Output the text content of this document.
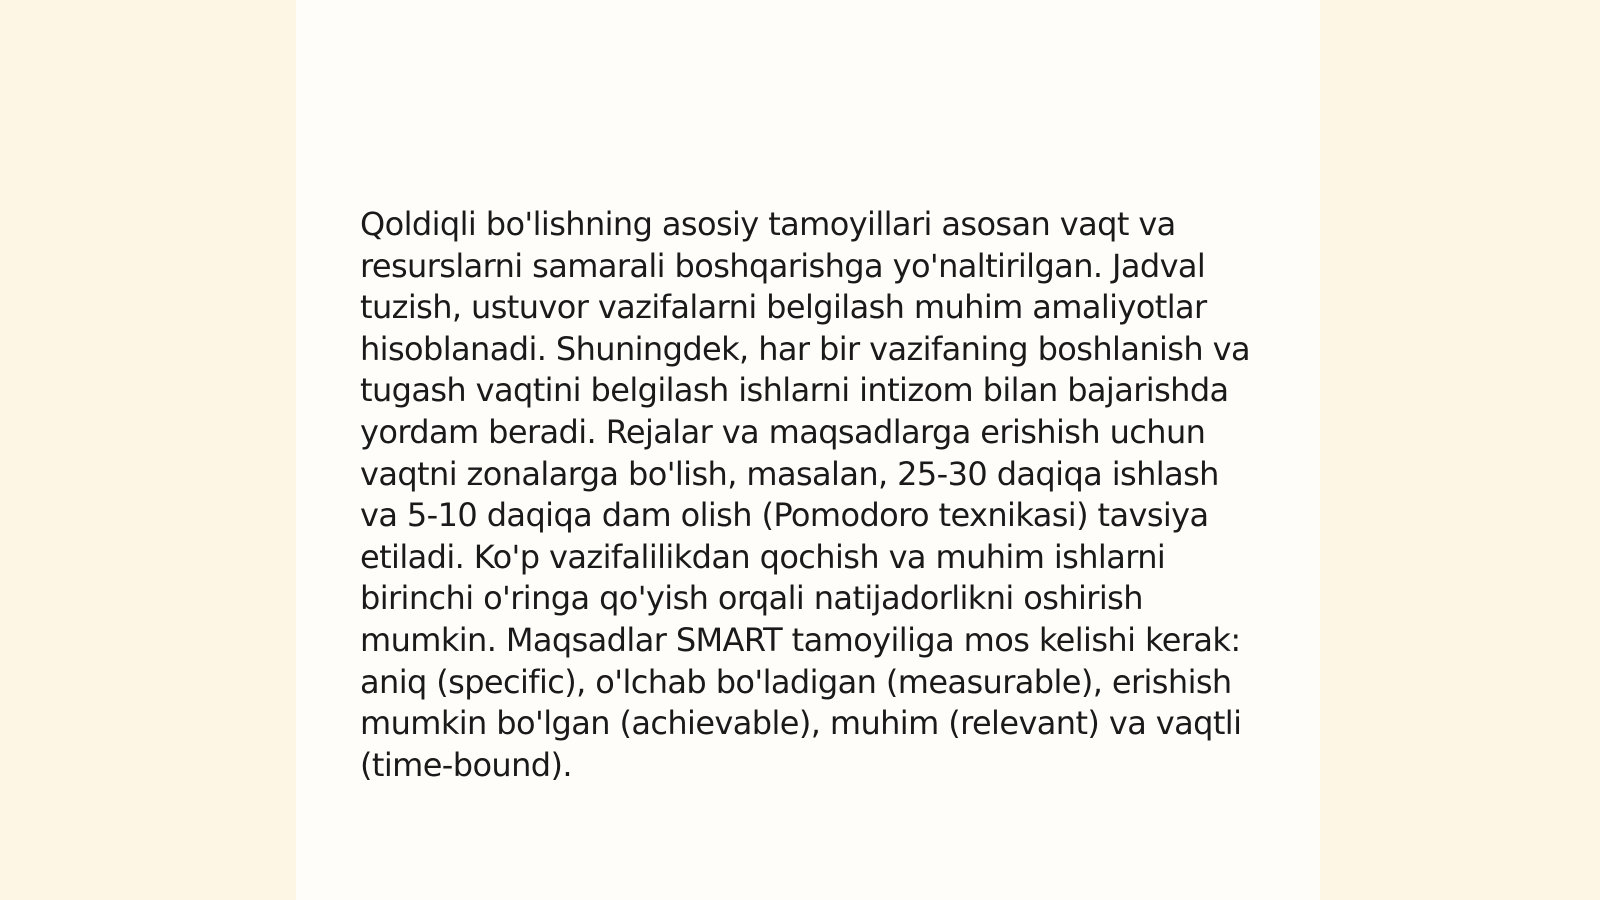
Qoldiqli bo'lishning asosiy tamoyillari asosan vaqt va resurslarni samarali boshqarishga yo'naltirilgan. Jadval tuzish, ustuvor vazifalarni belgilash muhim amaliyotlar hisoblanadi. Shuningdek, har bir vazifaning boshlanish va tugash vaqtini belgilash ishlarni intizom bilan bajarishda yordam beradi. Rejalar va maqsadlarga erishish uchun vaqtni zonalarga bo'lish, masalan, 25-30 daqiqa ishlash va 5-10 daqiqa dam olish (Pomodoro texnikasi) tavsiya etiladi. Ko'p vazifalilikdan qochish va muhim ishlarni birinchi o'ringa qo'yish orqali natijadorlikni oshirish mumkin. Maqsadlar SMART tamoyiliga mos kelishi kerak: aniq (specific), o'lchab bo'ladigan (measurable), erishish mumkin bo'lgan (achievable), muhim (relevant) va vaqtli (time-bound).
